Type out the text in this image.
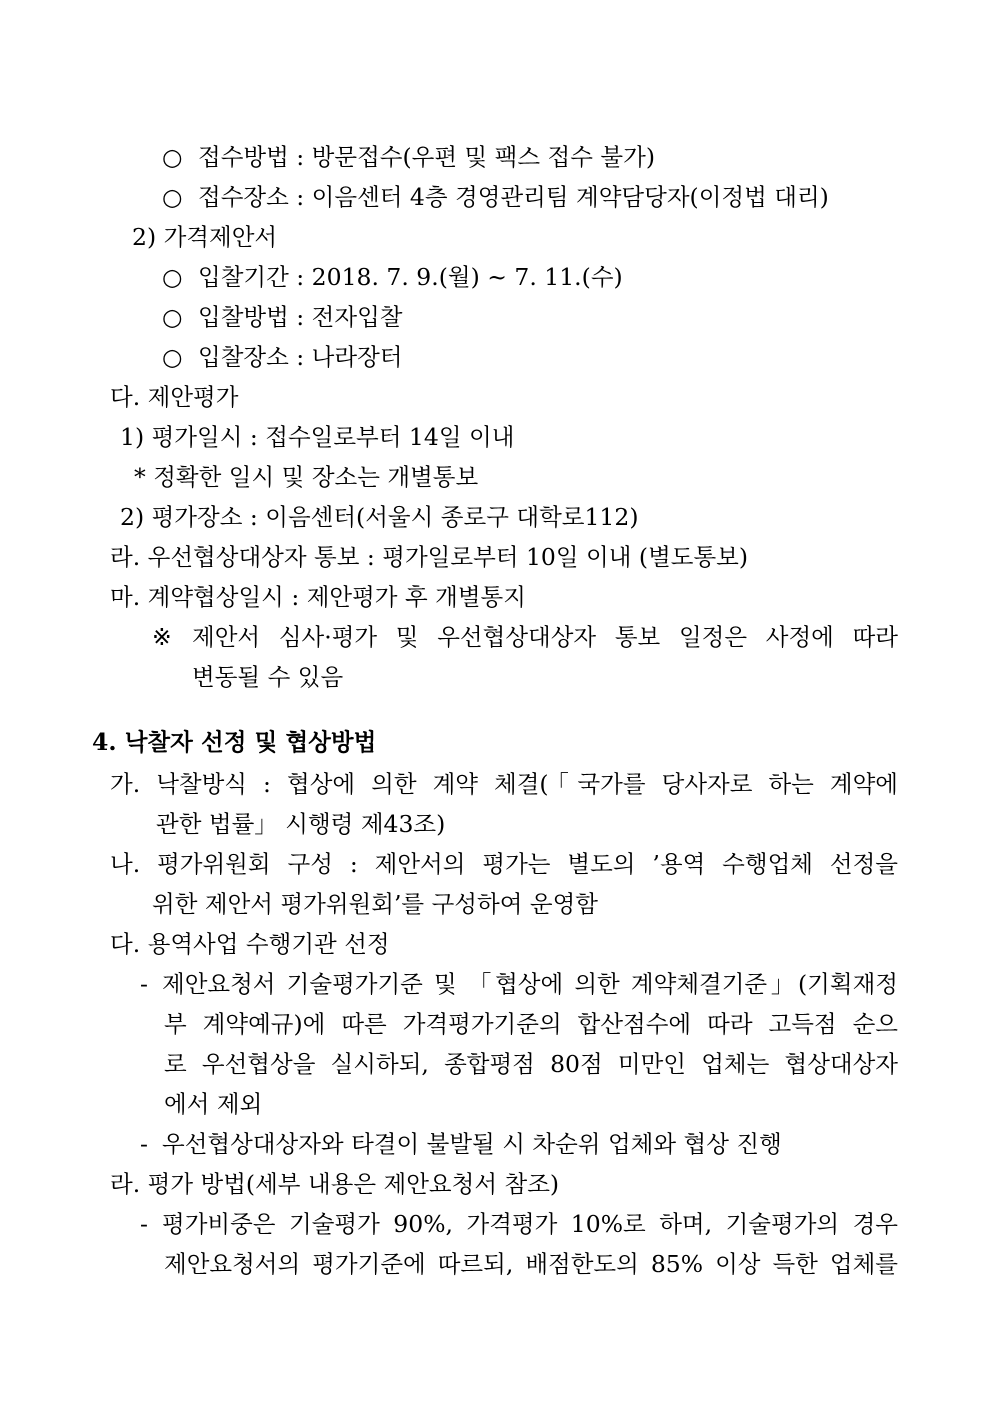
○ 접수방법 : 방문접수(우편 및 팩스 접수 불가)
○ 접수장소 : 이음센터 4층 경영관리팀 계약담당자(이정법 대리)
2) 가격제안서
○ 입찰기간 : 2018. 7. 9.(월) ~ 7. 11.(수)
○ 입찰방법 : 전자입찰
○ 입찰장소 : 나라장터
다. 제안평가
1) 평가일시 : 접수일로부터 14일 이내
* 정확한 일시 및 장소는 개별통보
2) 평가장소 : 이음센터(서울시 종로구 대학로112)
라. 우선협상대상자 통보 : 평가일로부터 10일 이내 (별도통보)
마. 계약협상일시 : 제안평가 후 개별통지
※ 제안서 심사·평가 및 우선협상대상자 통보 일정은 사정에 따라
변동될 수 있음
4. 낙찰자 선정 및 협상방법
가. 낙찰방식 : 협상에 의한 계약 체결(「국가를 당사자로 하는 계약에
관한 법률」 시행령 제43조)
나. 평가위원회 구성 : 제안서의 평가는 별도의 ’용역 수행업체 선정을
위한 제안서 평가위원회’를 구성하여 운영함
다. 용역사업 수행기관 선정
- 제안요청서 기술평가기준 및 「협상에 의한 계약체결기준」(기획재정
부 계약예규)에 따른 가격평가기준의 합산점수에 따라 고득점 순으
로 우선협상을 실시하되, 종합평점 80점 미만인 업체는 협상대상자
에서 제외
- 우선협상대상자와 타결이 불발될 시 차순위 업체와 협상 진행
라. 평가 방법(세부 내용은 제안요청서 참조)
- 평가비중은 기술평가 90%, 가격평가 10%로 하며, 기술평가의 경우
제안요청서의 평가기준에 따르되, 배점한도의 85% 이상 득한 업체를
